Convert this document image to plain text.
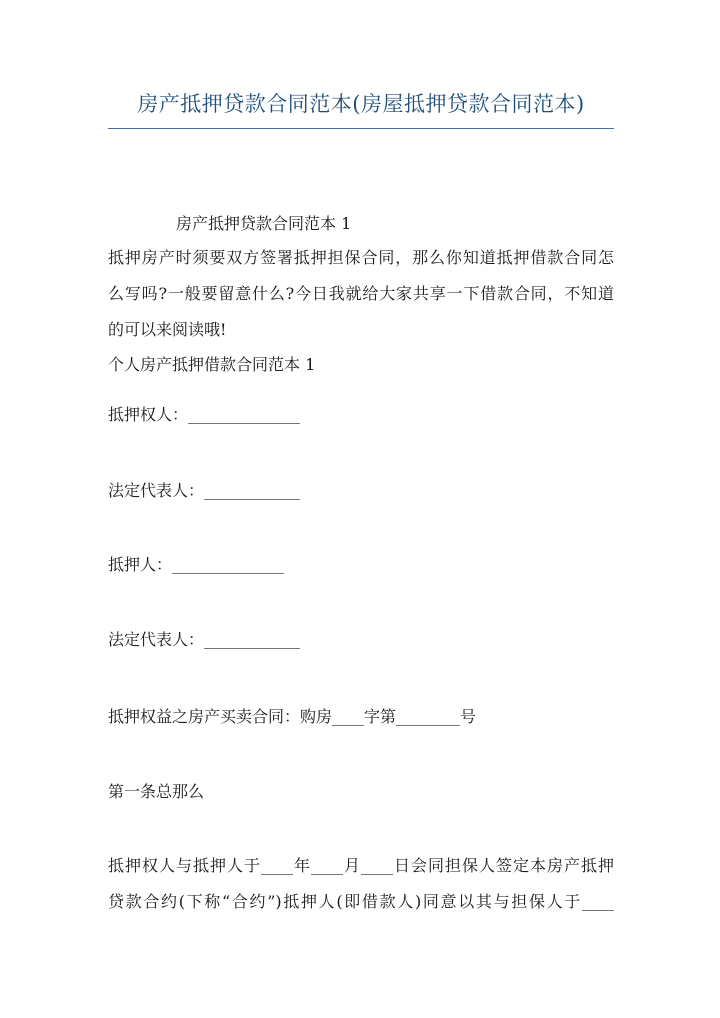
房产抵押贷款合同范本(房屋抵押贷款合同范本)

房产抵押贷款合同范本 1

抵押房产时须要双方签署抵押担保合同，那么你知道抵押借款合同怎

么写吗?一般要留意什么?今日我就给大家共享一下借款合同，不知道

的可以来阅读哦!

个人房产抵押借款合同范本 1

抵押权人：______________

法定代表人：____________

抵押人：______________

法定代表人：____________

抵押权益之房产买卖合同：购房____字第________号

第一条总那么

抵押权人与抵押人于____年____月____日会同担保人签定本房产抵押

贷款合约(下称“合约”)抵押人(即借款人)同意以其与担保人于____
